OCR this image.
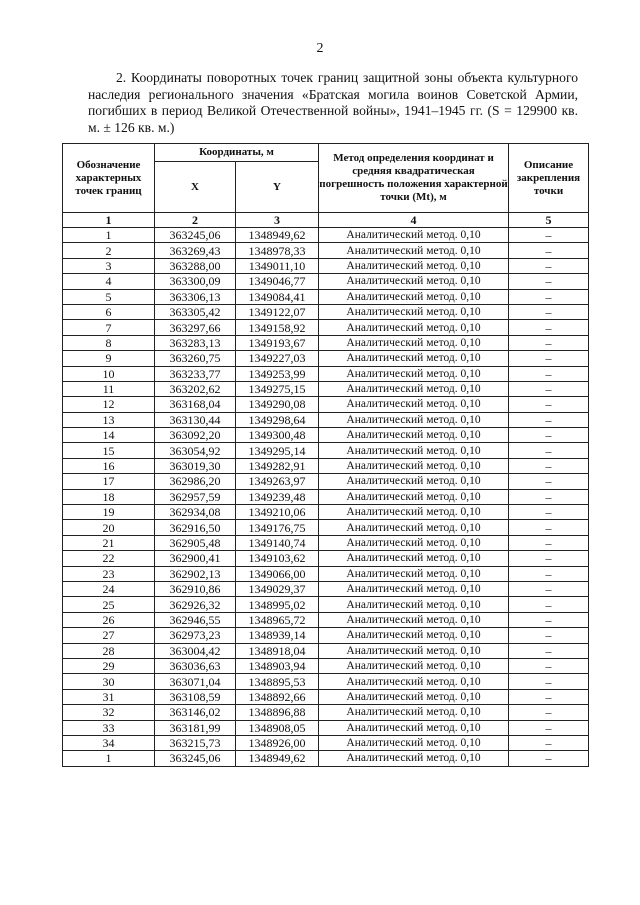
2

2. Координаты поворотных точек границ защитной зоны объекта культурного наследия регионального значения «Братская могила воинов Советской Армии, погибших в период Великой Отечественной войны», 1941–1945 гг. (S = 129900 кв. м. ± 126 кв. м.)

Обозначение характерных точек границ	Координаты, м		Метод определения координат и средняя квадратическая погрешность положения характерной точки (Mt), м	Описание закрепления точки
	X	Y		
1	2	3	4	5
1	363245,06	1348949,62	Аналитический метод. 0,10	–
2	363269,43	1348978,33	Аналитический метод. 0,10	–
3	363288,00	1349011,10	Аналитический метод. 0,10	–
4	363300,09	1349046,77	Аналитический метод. 0,10	–
5	363306,13	1349084,41	Аналитический метод. 0,10	–
6	363305,42	1349122,07	Аналитический метод. 0,10	–
7	363297,66	1349158,92	Аналитический метод. 0,10	–
8	363283,13	1349193,67	Аналитический метод. 0,10	–
9	363260,75	1349227,03	Аналитический метод. 0,10	–
10	363233,77	1349253,99	Аналитический метод. 0,10	–
11	363202,62	1349275,15	Аналитический метод. 0,10	–
12	363168,04	1349290,08	Аналитический метод. 0,10	–
13	363130,44	1349298,64	Аналитический метод. 0,10	–
14	363092,20	1349300,48	Аналитический метод. 0,10	–
15	363054,92	1349295,14	Аналитический метод. 0,10	–
16	363019,30	1349282,91	Аналитический метод. 0,10	–
17	362986,20	1349263,97	Аналитический метод. 0,10	–
18	362957,59	1349239,48	Аналитический метод. 0,10	–
19	362934,08	1349210,06	Аналитический метод. 0,10	–
20	362916,50	1349176,75	Аналитический метод. 0,10	–
21	362905,48	1349140,74	Аналитический метод. 0,10	–
22	362900,41	1349103,62	Аналитический метод. 0,10	–
23	362902,13	1349066,00	Аналитический метод. 0,10	–
24	362910,86	1349029,37	Аналитический метод. 0,10	–
25	362926,32	1348995,02	Аналитический метод. 0,10	–
26	362946,55	1348965,72	Аналитический метод. 0,10	–
27	362973,23	1348939,14	Аналитический метод. 0,10	–
28	363004,42	1348918,04	Аналитический метод. 0,10	–
29	363036,63	1348903,94	Аналитический метод. 0,10	–
30	363071,04	1348895,53	Аналитический метод. 0,10	–
31	363108,59	1348892,66	Аналитический метод. 0,10	–
32	363146,02	1348896,88	Аналитический метод. 0,10	–
33	363181,99	1348908,05	Аналитический метод. 0,10	–
34	363215,73	1348926,00	Аналитический метод. 0,10	–
1	363245,06	1348949,62	Аналитический метод. 0,10	–
